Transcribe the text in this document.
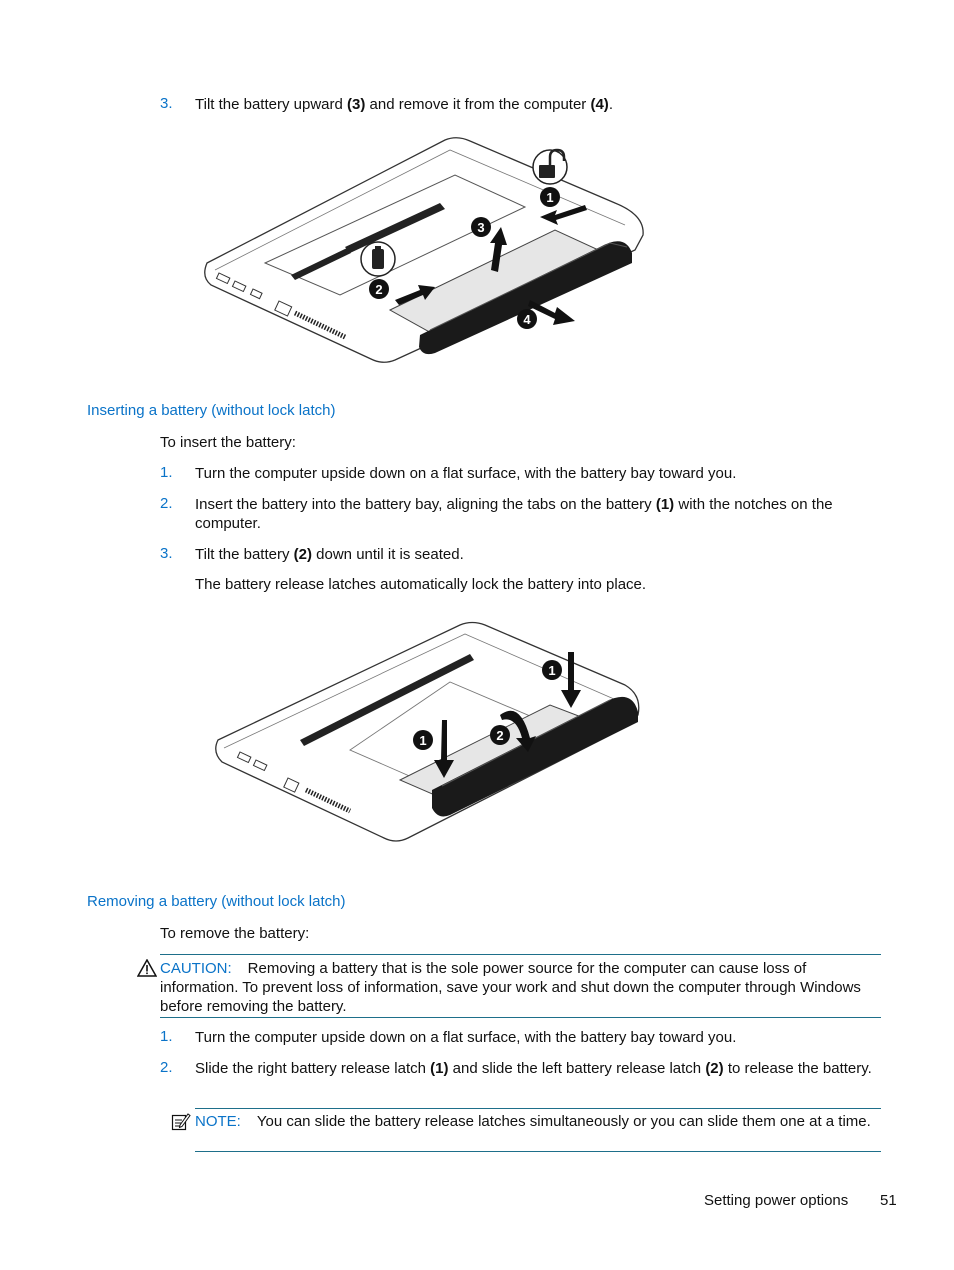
3. Tilt the battery upward (3) and remove it from the computer (4).
1
2
3
4
Inserting a battery (without lock latch)
To insert the battery:
1. Turn the computer upside down on a flat surface, with the battery bay toward you.
2. Insert the battery into the battery bay, aligning the tabs on the battery (1) with the notches on the computer.
3. Tilt the battery (2) down until it is seated.
The battery release latches automatically lock the battery into place.
1	2
1
Removing a battery (without lock latch)
To remove the battery:
CAUTION: Removing a battery that is the sole power source for the computer can cause loss of information. To prevent loss of information, save your work and shut down the computer through Windows before removing the battery.
1. Turn the computer upside down on a flat surface, with the battery bay toward you.
2. Slide the right battery release latch (1) and slide the left battery release latch (2) to release the battery.
NOTE: You can slide the battery release latches simultaneously or you can slide them one at a time.
Setting power options 51
